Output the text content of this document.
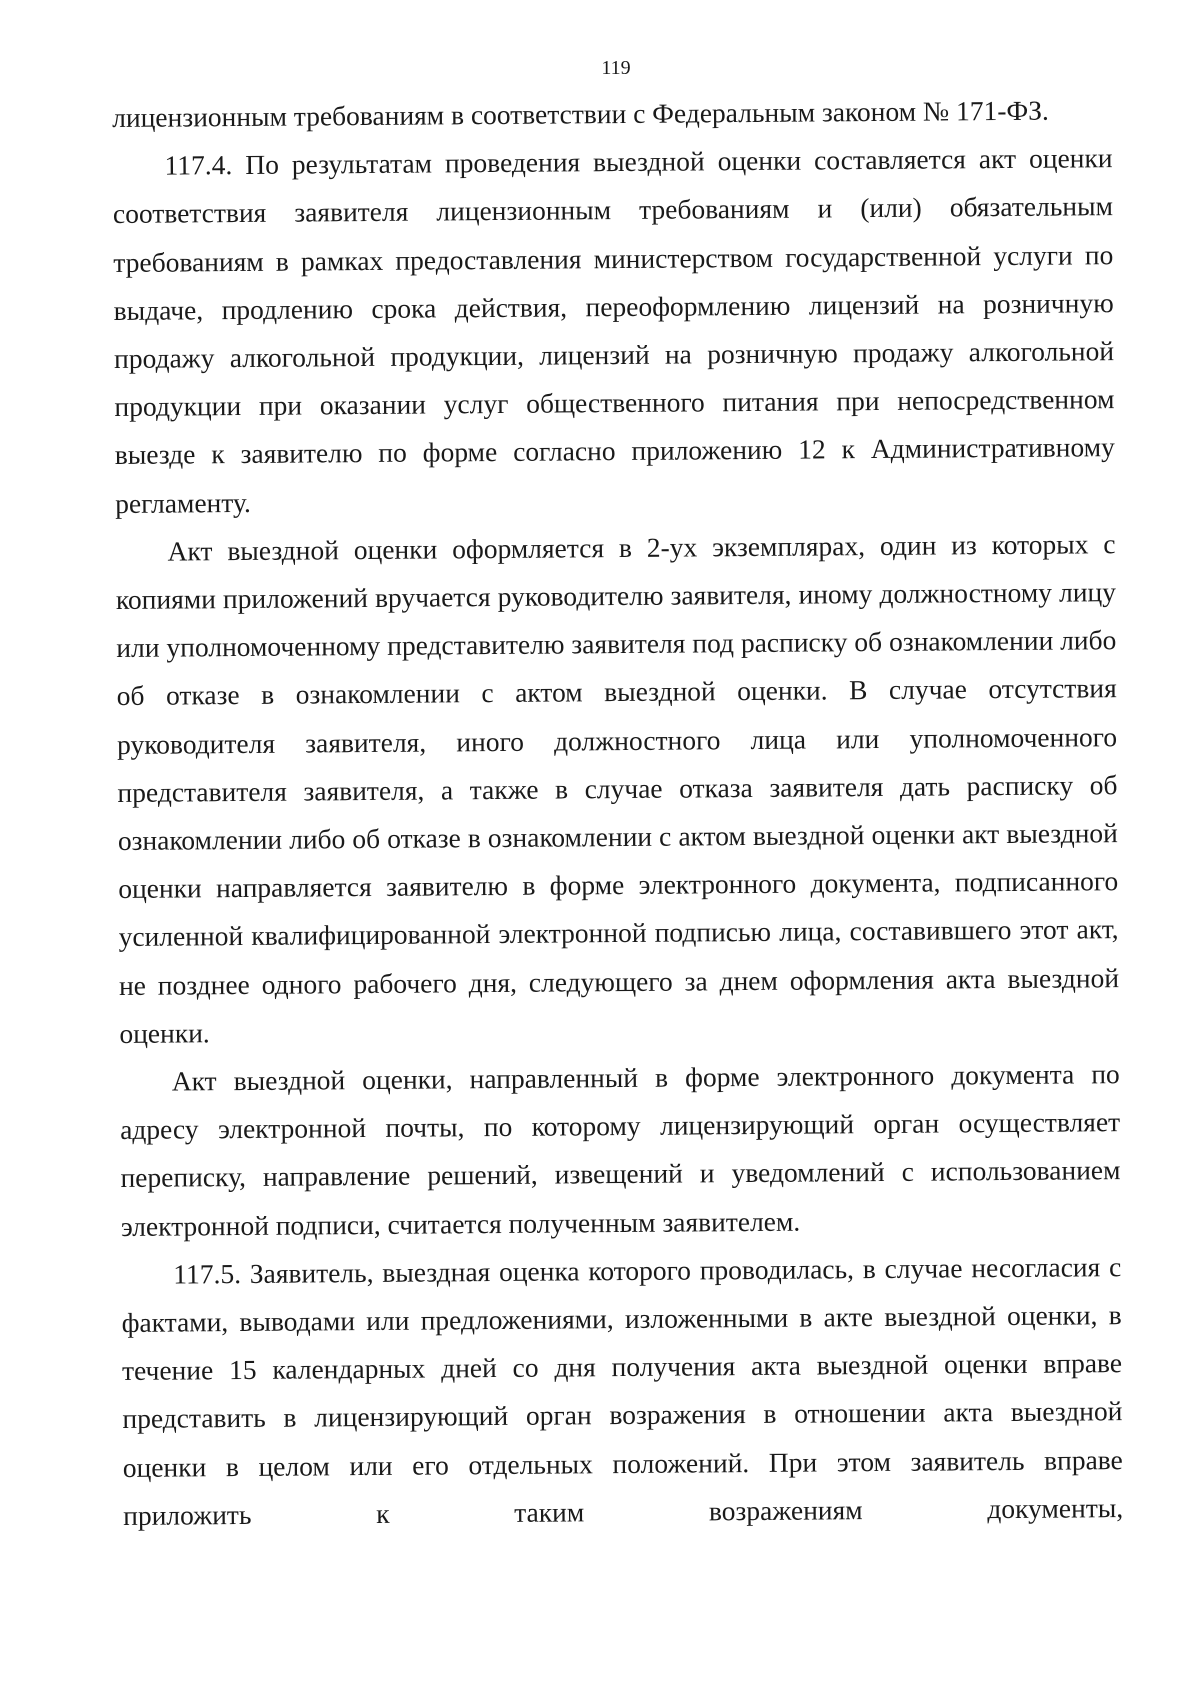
119

лицензионным требованиям в соответствии с Федеральным законом № 171-ФЗ.

117.4. По результатам проведения выездной оценки составляется акт оценки соответствия заявителя лицензионным требованиям и (или) обязательным требованиям в рамках предоставления министерством государственной услуги по выдаче, продлению срока действия, переоформлению лицензий на розничную продажу алкогольной продукции, лицензий на розничную продажу алкогольной продукции при оказании услуг общественного питания при непосредственном выезде к заявителю по форме согласно приложению 12 к Административному регламенту.

Акт выездной оценки оформляется в 2-ух экземплярах, один из которых с копиями приложений вручается руководителю заявителя, иному должностному лицу или уполномоченному представителю заявителя под расписку об ознакомлении либо об отказе в ознакомлении с актом выездной оценки. В случае отсутствия руководителя заявителя, иного должностного лица или уполномоченного представителя заявителя, а также в случае отказа заявителя дать расписку об ознакомлении либо об отказе в ознакомлении с актом выездной оценки акт выездной оценки направляется заявителю в форме электронного документа, подписанного усиленной квалифицированной электронной подписью лица, составившего этот акт, не позднее одного рабочего дня, следующего за днем оформления акта выездной оценки.

Акт выездной оценки, направленный в форме электронного документа по адресу электронной почты, по которому лицензирующий орган осуществляет переписку, направление решений, извещений и уведомлений с использованием электронной подписи, считается полученным заявителем.

117.5. Заявитель, выездная оценка которого проводилась, в случае несогласия с фактами, выводами или предложениями, изложенными в акте выездной оценки, в течение 15 календарных дней со дня получения акта выездной оценки вправе представить в лицензирующий орган возражения в отношении акта выездной оценки в целом или его отдельных положений. При этом заявитель вправе приложить к таким возражениям документы,
